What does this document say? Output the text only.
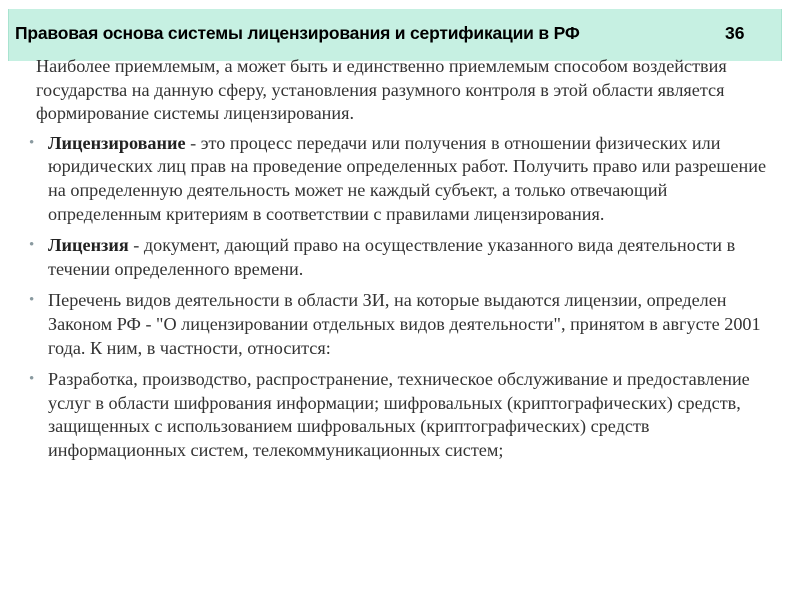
Правовая основа системы лицензирования и сертификации в РФ	36

Наиболее приемлемым, а может быть и единственно приемлемым способом воздействия государства на данную сферу, установления разумного контроля в этой области является формирование системы лицензирования.

• Лицензирование - это процесс передачи или получения в отношении физических или юридических лиц прав на проведение определенных работ. Получить право или разрешение на определенную деятельность может не каждый субъект, а только отвечающий определенным критериям в соответствии с правилами лицензирования.

• Лицензия - документ, дающий право на осуществление указанного вида деятельности в течении определенного времени.

• Перечень видов деятельности в области ЗИ, на которые выдаются лицензии, определен Законом РФ - "О лицензировании отдельных видов деятельности", принятом в августе 2001 года. К ним, в частности, относится:

• Разработка, производство, распространение, техническое обслуживание и предоставление услуг в области шифрования информации; шифровальных (криптографических) средств, защищенных с использованием шифровальных (криптографических) средств информационных систем, телекоммуникационных систем;
